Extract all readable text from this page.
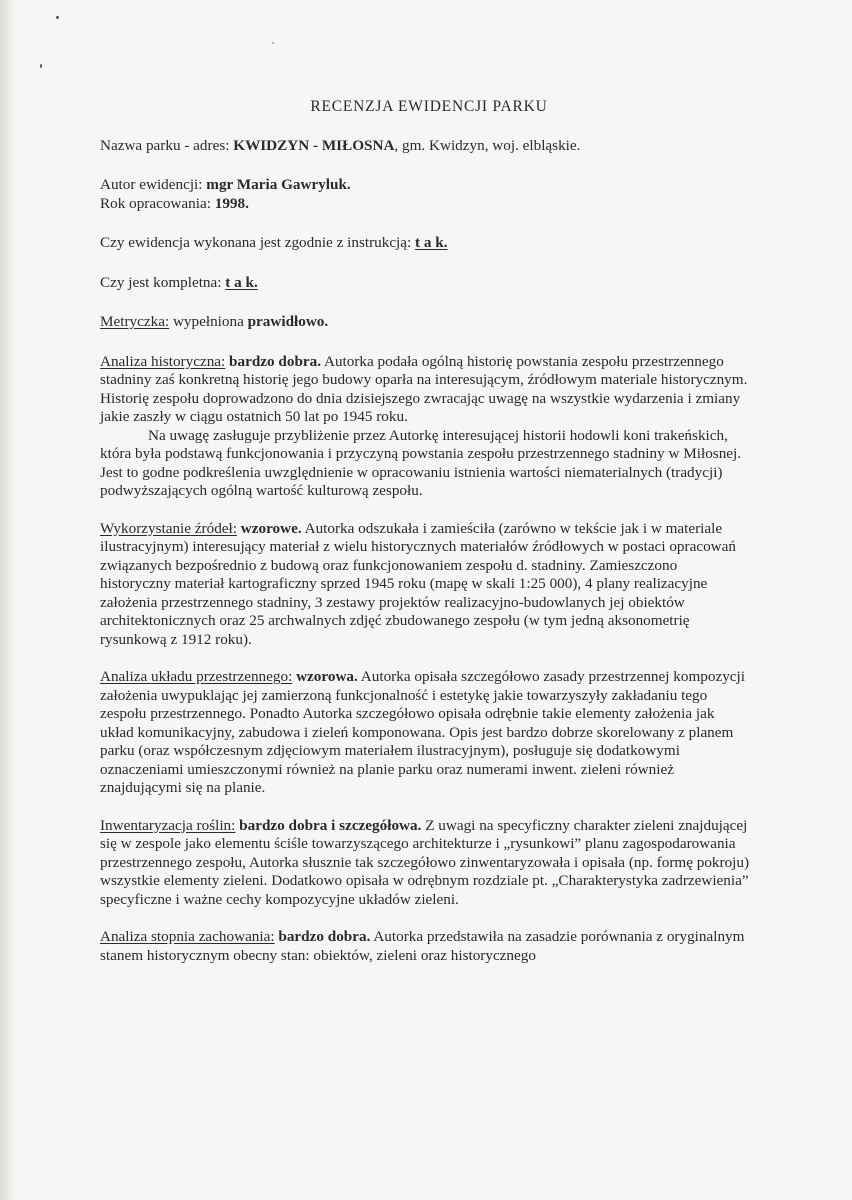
RECENZJA EWIDENCJI PARKU

Nazwa parku - adres: KWIDZYN - MIŁOSNA, gm. Kwidzyn, woj. elbląskie.

Autor ewidencji: mgr Maria Gawryluk.

Rok opracowania: 1998.

Czy ewidencja wykonana jest zgodnie z instrukcją: t a k.

Czy jest kompletna: t a k.

Metryczka: wypełniona prawidłowo.

Analiza historyczna: bardzo dobra. Autorka podała ogólną historię powstania zespołu przestrzennego stadniny zaś konkretną historię jego budowy oparła na interesującym, źródłowym materiale historycznym. Historię zespołu doprowadzono do dnia dzisiejszego zwracając uwagę na wszystkie wydarzenia i zmiany jakie zaszły w ciągu ostatnich 50 lat po 1945 roku.

Na uwagę zasługuje przybliżenie przez Autorkę interesującej historii hodowli koni trakeńskich, która była podstawą funkcjonowania i przyczyną powstania zespołu przestrzennego stadniny w Miłosnej. Jest to godne podkreślenia uwzględnienie w opracowaniu istnienia wartości niematerialnych (tradycji) podwyższających ogólną wartość kulturową zespołu.

Wykorzystanie źródeł: wzorowe. Autorka odszukała i zamieściła (zarówno w tekście jak i w materiale ilustracyjnym) interesujący materiał z wielu historycznych materiałów źródłowych w postaci opracowań związanych bezpośrednio z budową oraz funkcjonowaniem zespołu d. stadniny. Zamieszczono historyczny materiał kartograficzny sprzed 1945 roku (mapę w skali 1:25 000), 4 plany realizacyjne założenia przestrzennego stadniny, 3 zestawy projektów realizacyjno-budowlanych jej obiektów architektonicznych oraz 25 archwalnych zdjęć zbudowanego zespołu (w tym jedną aksonometrię rysunkową z 1912 roku).

Analiza układu przestrzennego: wzorowa. Autorka opisała szczegółowo zasady przestrzennej kompozycji założenia uwypuklając jej zamierzoną funkcjonalność i estetykę jakie towarzyszyły zakładaniu tego zespołu przestrzennego. Ponadto Autorka szczegółowo opisała odrębnie takie elementy założenia jak układ komunikacyjny, zabudowa i zieleń komponowana. Opis jest bardzo dobrze skorelowany z planem parku (oraz współczesnym zdjęciowym materiałem ilustracyjnym), posługuje się dodatkowymi oznaczeniami umieszczonymi również na planie parku oraz numerami inwent. zieleni również znajdującymi się na planie.

Inwentaryzacja roślin: bardzo dobra i szczegółowa. Z uwagi na specyficzny charakter zieleni znajdującej się w zespole jako elementu ściśle towarzyszącego architekturze i „rysunkowi” planu zagospodarowania przestrzennego zespołu, Autorka słusznie tak szczegółowo zinwentaryzowała i opisała (np. formę pokroju) wszystkie elementy zieleni. Dodatkowo opisała w odrębnym rozdziale pt. „Charakterystyka zadrzewienia” specyficzne i ważne cechy kompozycyjne układów zieleni.

Analiza stopnia zachowania: bardzo dobra. Autorka przedstawiła na zasadzie porównania z oryginalnym stanem historycznym obecny stan: obiektów, zieleni oraz historycznego
